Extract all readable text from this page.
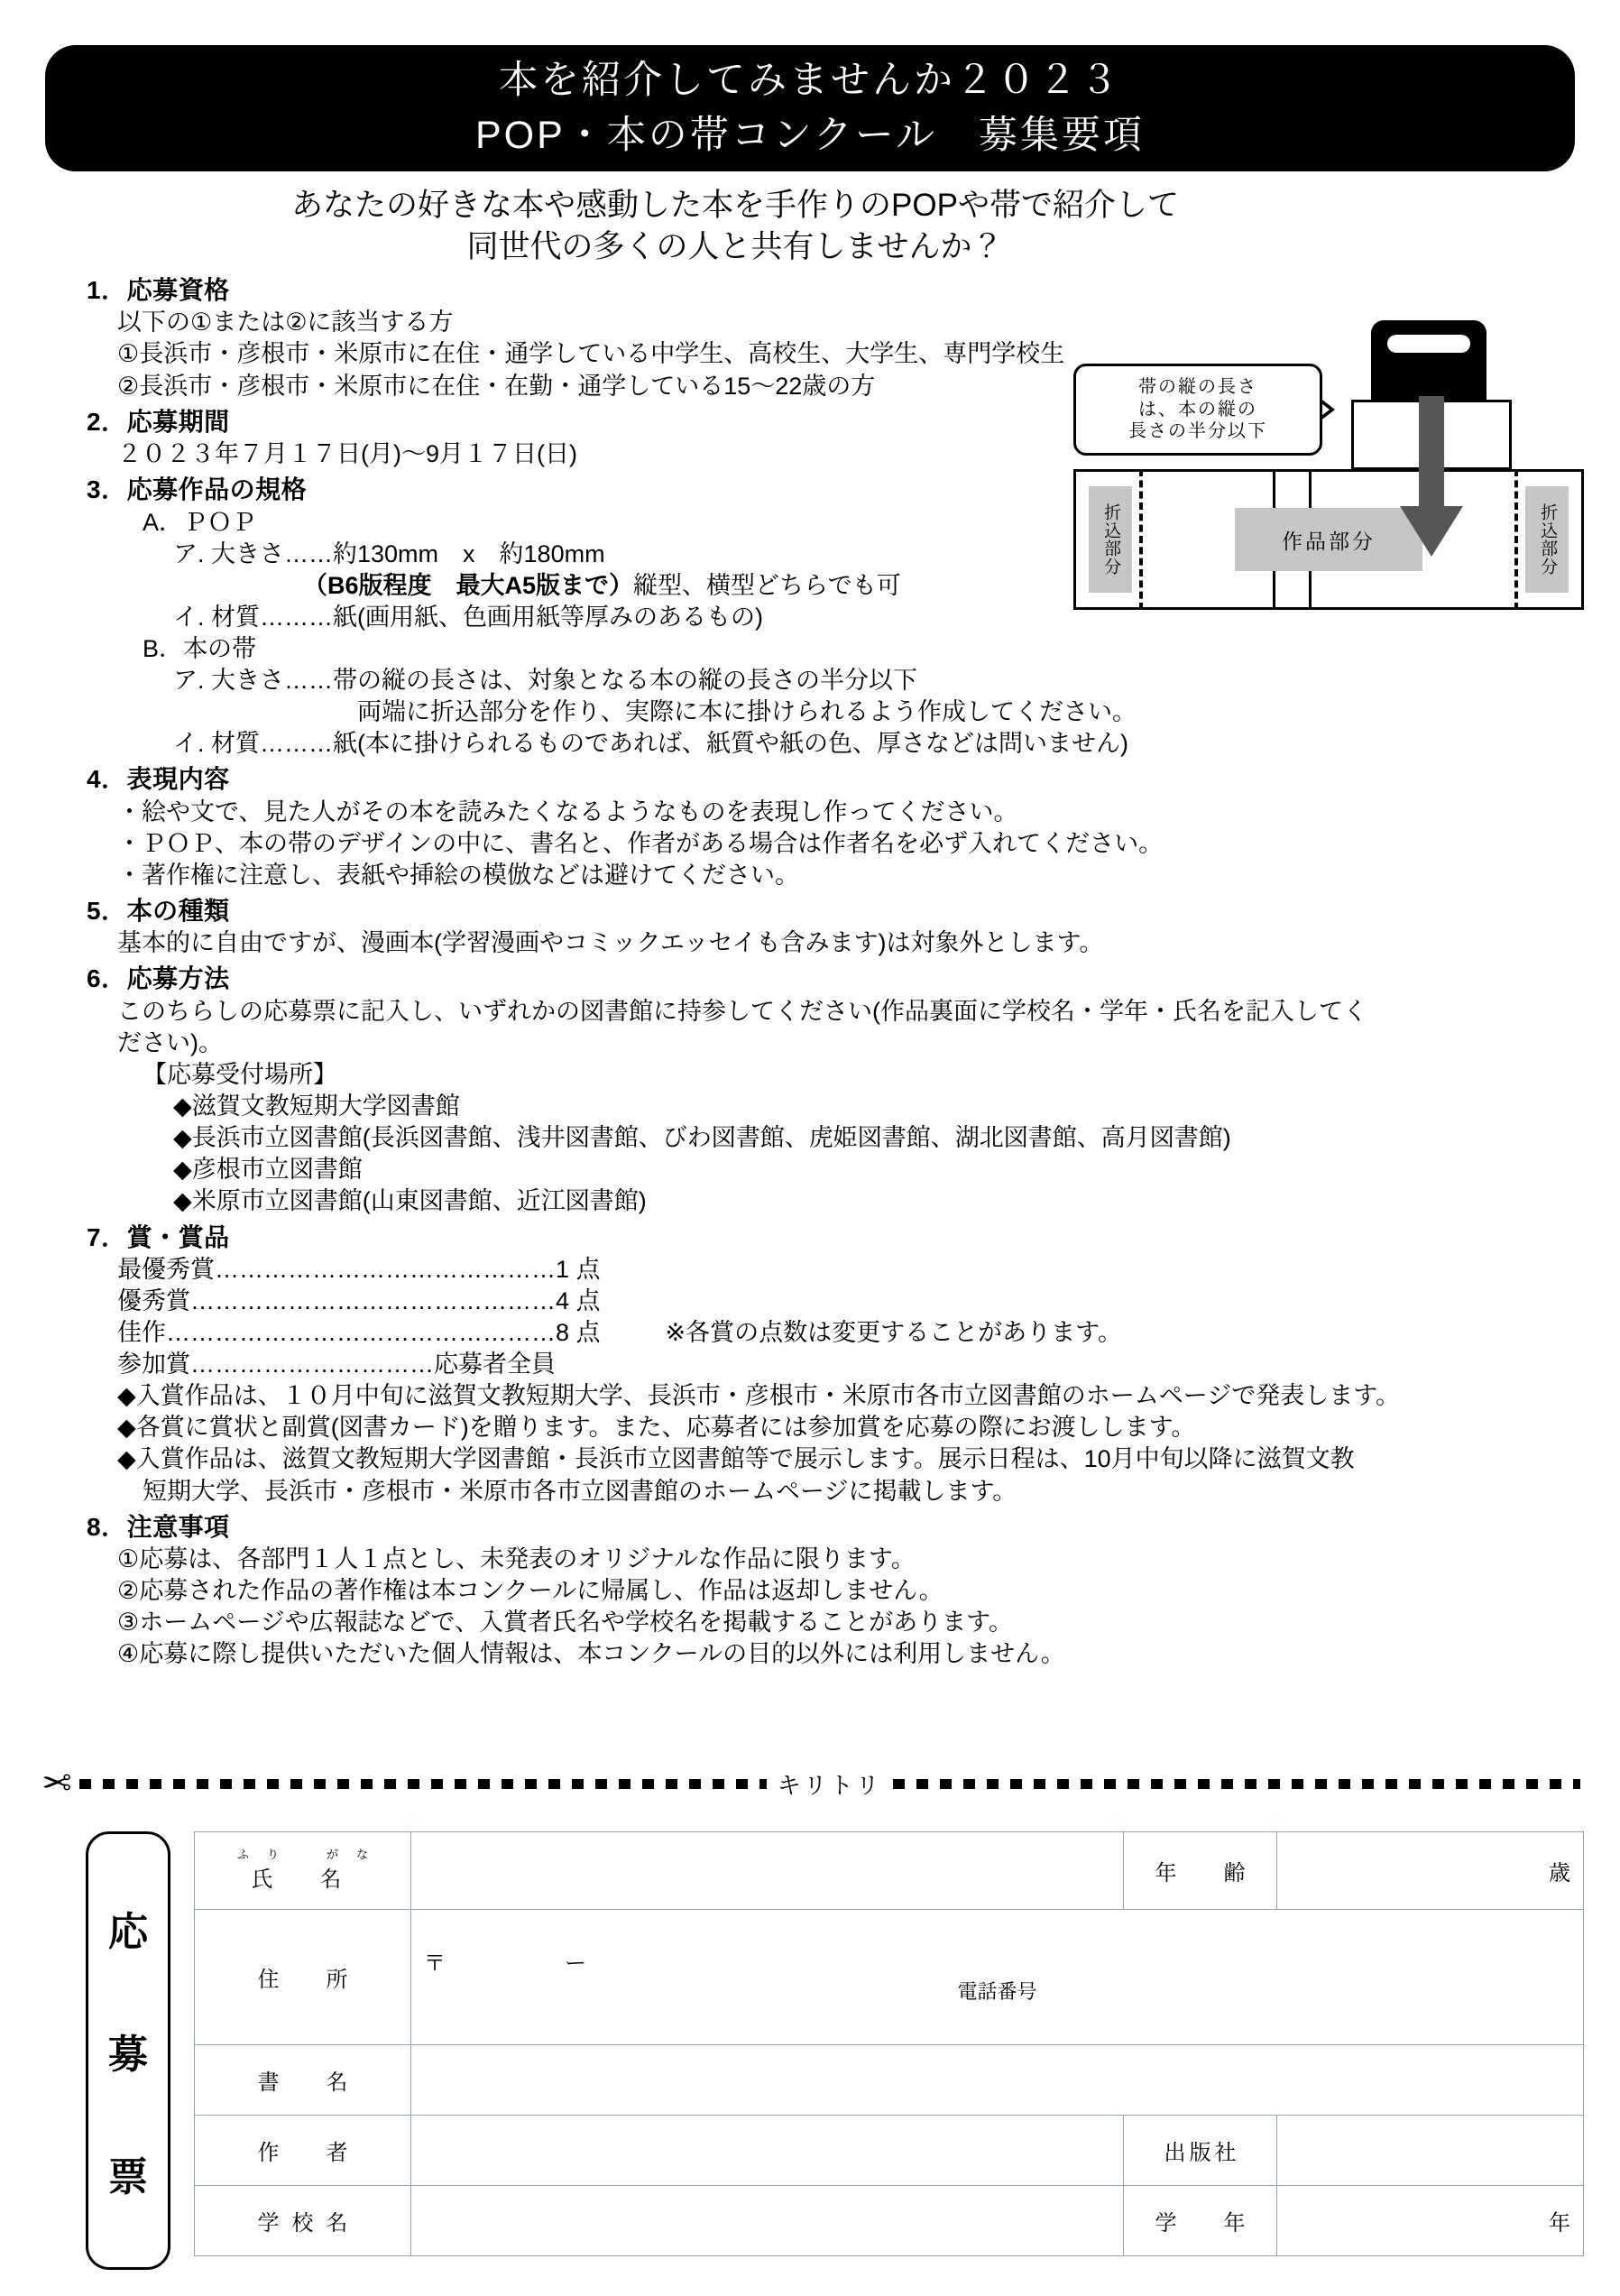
本を紹介してみませんか２０２３
POP・本の帯コンクール　募集要項
あなたの好きな本や感動した本を手作りのPOPや帯で紹介して
同世代の多くの人と共有しませんか？
帯の縦の長さ
は、本の縦の
長さの半分以下
折込部分	折込部分
作品部分
1．応募資格
以下の①または②に該当する方
①長浜市・彦根市・米原市に在住・通学している中学生、高校生、大学生、専門学校生
②長浜市・彦根市・米原市に在住・在勤・通学している15〜22歳の方
2．応募期間
２０２３年７月１７日(月)〜9月１７日(日)
3．応募作品の規格
A．ＰＯＰ
ア. 大きさ……約130mm　x　約180mm
（B6版程度　最大A5版まで）縦型、横型どちらでも可
イ. 材質………紙(画用紙、色画用紙等厚みのあるもの)
B．本の帯
ア. 大きさ……帯の縦の長さは、対象となる本の縦の長さの半分以下
両端に折込部分を作り、実際に本に掛けられるよう作成してください。
イ. 材質………紙(本に掛けられるものであれば、紙質や紙の色、厚さなどは問いません)
4．表現内容
・絵や文で、見た人がその本を読みたくなるようなものを表現し作ってください。
・ＰＯＰ、本の帯のデザインの中に、書名と、作者がある場合は作者名を必ず入れてください。
・著作権に注意し、表紙や挿絵の模倣などは避けてください。
5．本の種類
基本的に自由ですが、漫画本(学習漫画やコミックエッセイも含みます)は対象外とします。
6．応募方法
このちらしの応募票に記入し、いずれかの図書館に持参してください(作品裏面に学校名・学年・氏名を記入してく
ださい)。
【応募受付場所】
◆滋賀文教短期大学図書館
◆長浜市立図書館(長浜図書館、浅井図書館、びわ図書館、虎姫図書館、湖北図書館、高月図書館)
◆彦根市立図書館
◆米原市立図書館(山東図書館、近江図書館)
7．賞・賞品
最優秀賞……………………………………1 点
優秀賞………………………………………4 点
佳作…………………………………………8 点	※各賞の点数は変更することがあります。
参加賞…………………………応募者全員
◆入賞作品は、１０月中旬に滋賀文教短期大学、長浜市・彦根市・米原市各市立図書館のホームページで発表します。
◆各賞に賞状と副賞(図書カード)を贈ります。また、応募者には参加賞を応募の際にお渡しします。
◆入賞作品は、滋賀文教短期大学図書館・長浜市立図書館等で展示します。展示日程は、10月中旬以降に滋賀文教
短期大学、長浜市・彦根市・米原市各市立図書館のホームページに掲載します。
8．注意事項
①応募は、各部門１人１点とし、未発表のオリジナルな作品に限ります。
②応募された作品の著作権は本コンクールに帰属し、作品は返却しません。
③ホームページや広報誌などで、入賞者氏名や学校名を掲載することがあります。
④応募に際し提供いただいた個人情報は、本コンクールの目的以外には利用しません。
✂	キリトリ
応
募
票
ふり　がな
氏　名		年　齢	歳
住　所	〒　　　　　ー
電話番号		

書　名			
作　者		出版社	
学校名		学　年	年
